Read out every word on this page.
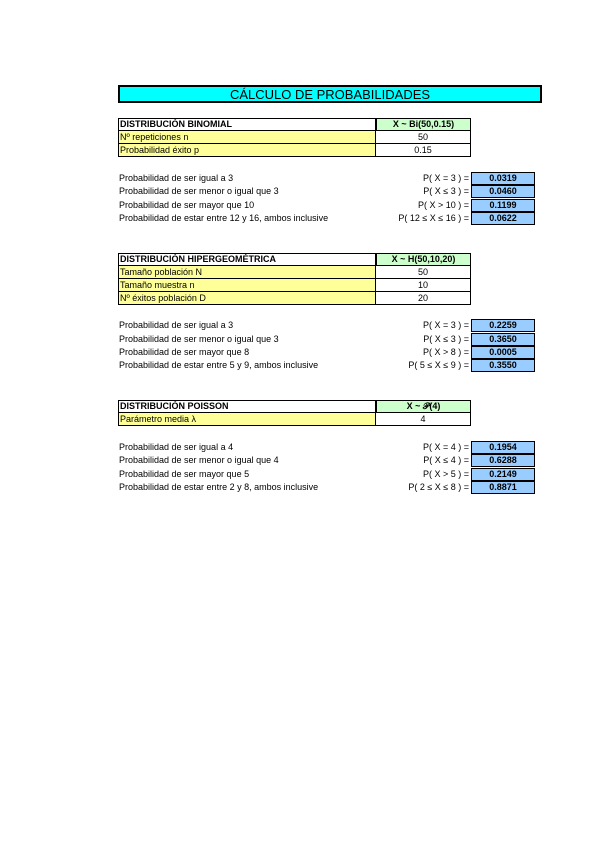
CÁLCULO DE PROBABILIDADES
DISTRIBUCIÓN BINOMIAL	X ~ Bi(50,0.15)
Nº repeticiones n	50
Probabilidad éxito p	0.15
Probabilidad de ser igual a 3	P( X = 3 ) =	0.0319
Probabilidad de ser menor o igual que 3	P( X ≤ 3 ) =	0.0460
Probabilidad de ser mayor que 10	P( X > 10 ) =	0.1199
Probabilidad de estar entre 12 y 16, ambos inclusive	P( 12 ≤ X ≤ 16 ) =	0.0622
DISTRIBUCIÓN HIPERGEOMÉTRICA	X ~ H(50,10,20)
Tamaño población N	50
Tamaño muestra n	10
Nº éxitos población D	20
Probabilidad de ser igual a 3	P( X = 3 ) =	0.2259
Probabilidad de ser menor o igual que 3	P( X ≤ 3 ) =	0.3650
Probabilidad de ser mayor que 8	P( X > 8 ) =	0.0005
Probabilidad de estar entre 5 y 9, ambos inclusive	P( 5 ≤ X ≤ 9 ) =	0.3550
DISTRIBUCIÓN POISSON	X ~ 𝒫(4)
Parámetro media λ	4
Probabilidad de ser igual a 4	P( X = 4 ) =	0.1954
Probabilidad de ser menor o igual que 4	P( X ≤ 4 ) =	0.6288
Probabilidad de ser mayor que 5	P( X > 5 ) =	0.2149
Probabilidad de estar entre 2 y 8, ambos inclusive	P( 2 ≤ X ≤ 8 ) =	0.8871
